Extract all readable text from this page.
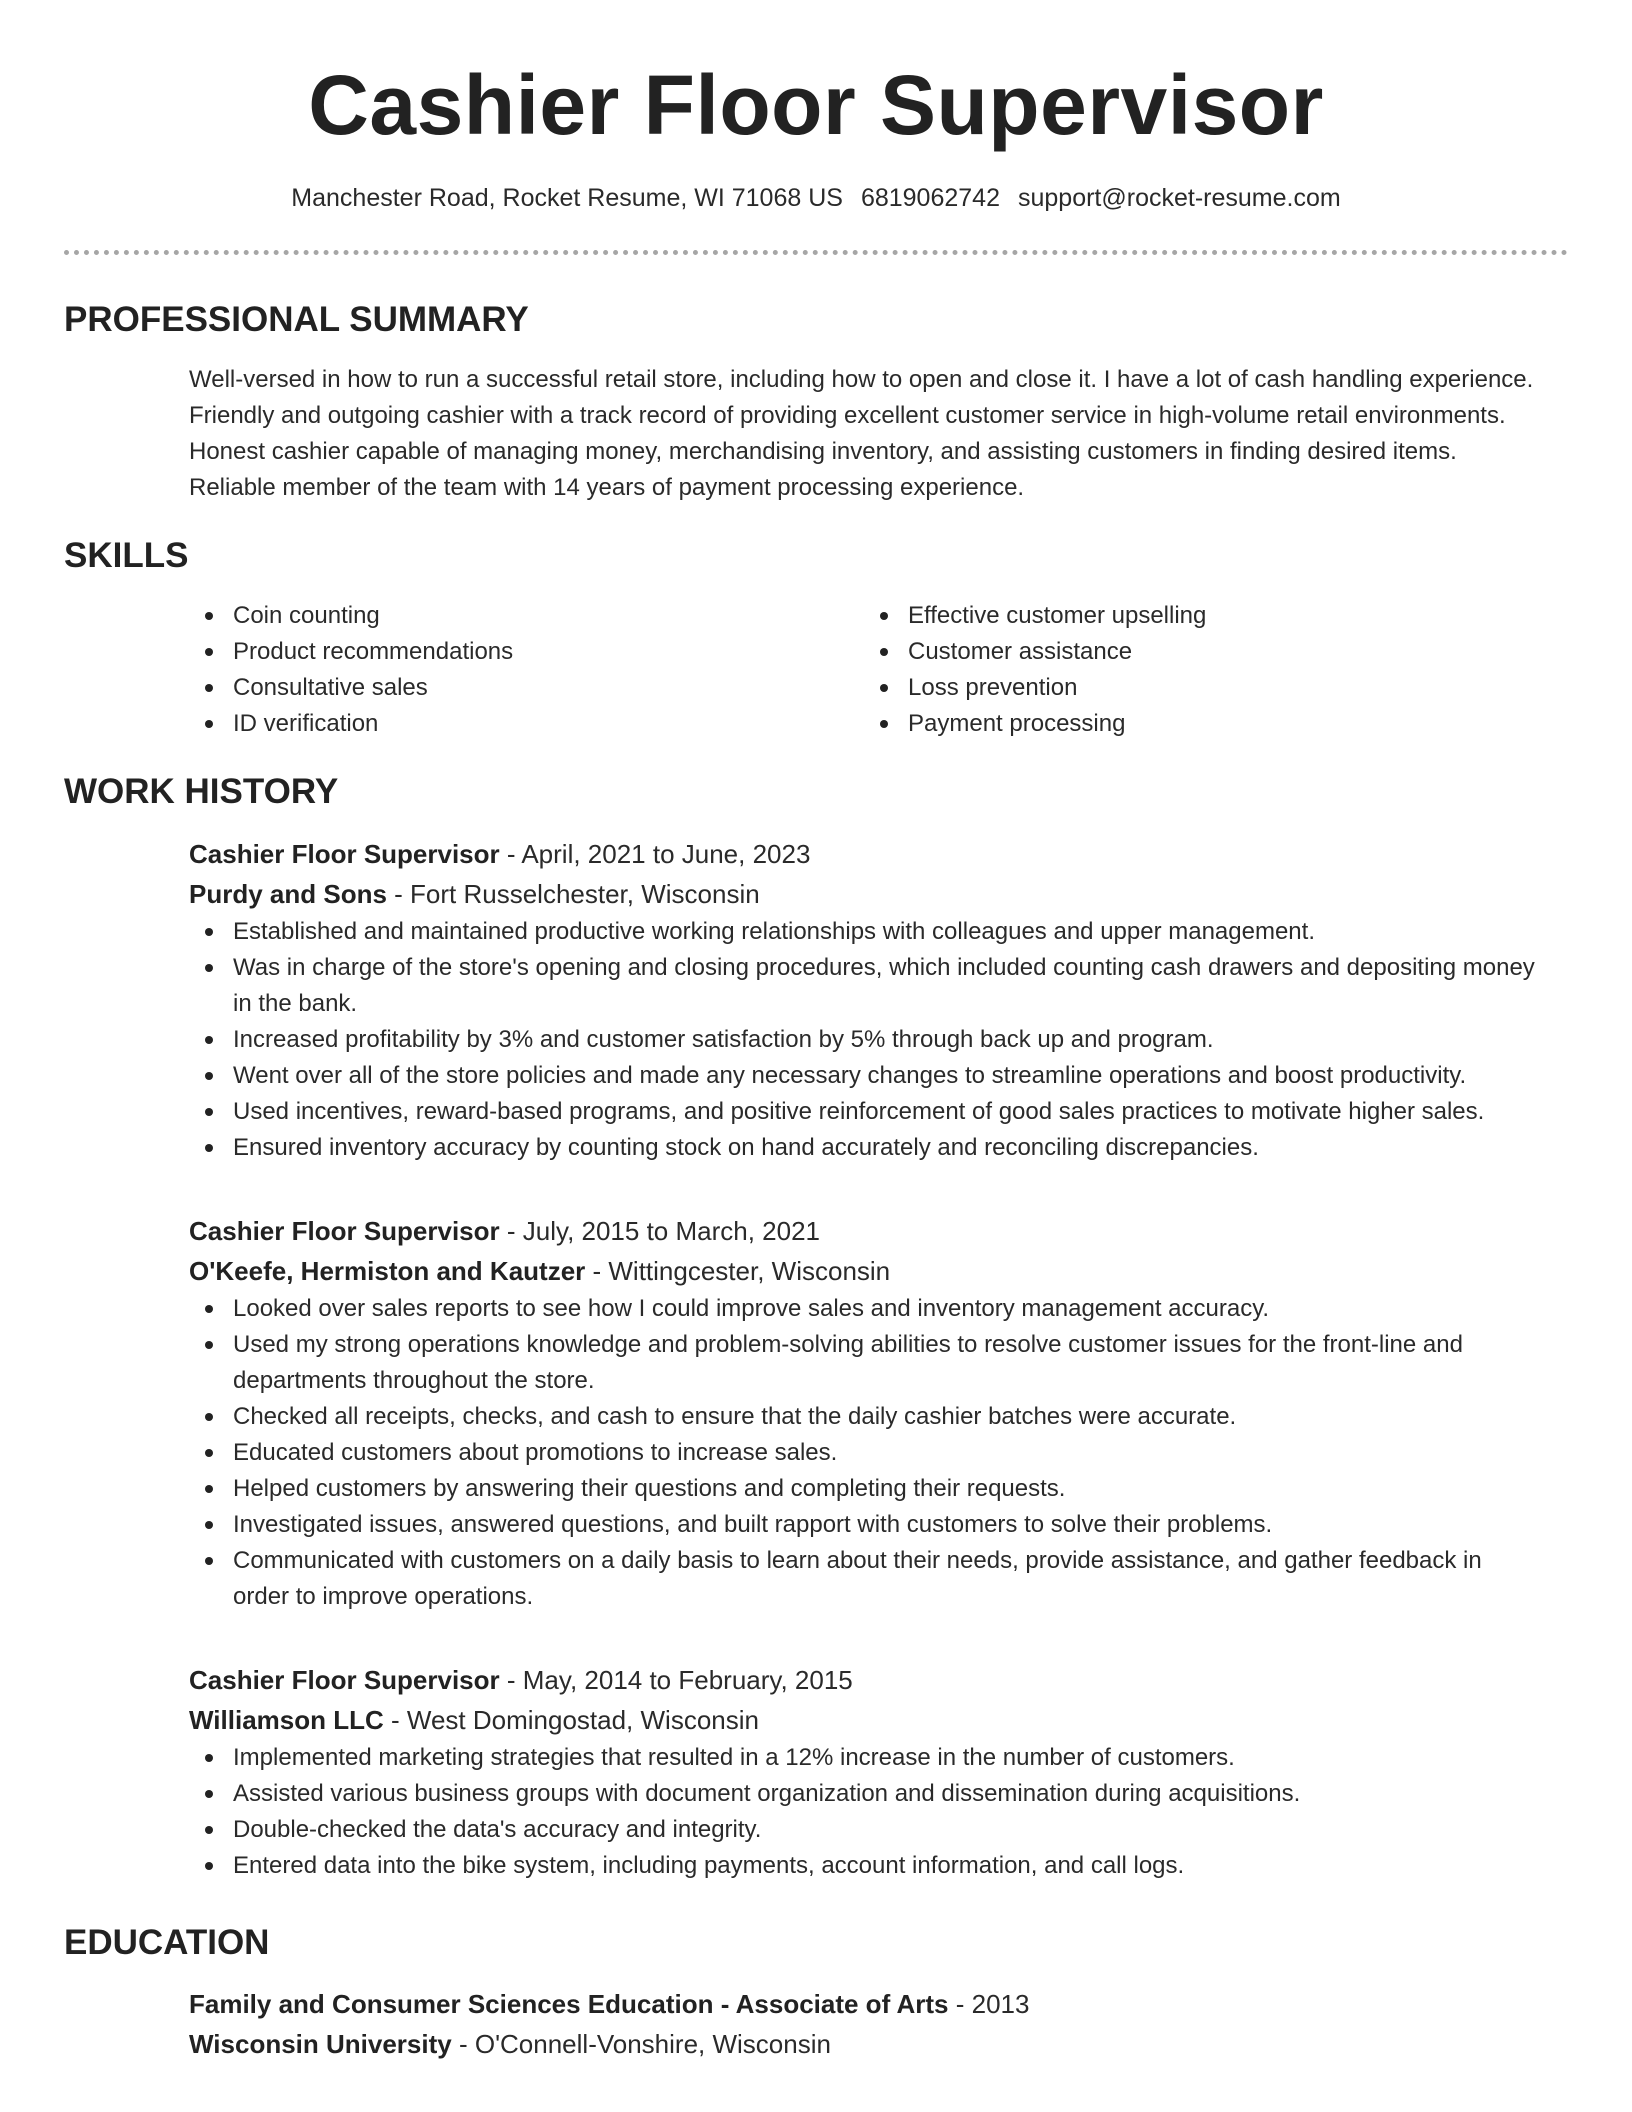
Cashier Floor Supervisor
Manchester Road, Rocket Resume, WI 71068 US 6819062742 support@rocket-resume.com
PROFESSIONAL SUMMARY
Well-versed in how to run a successful retail store, including how to open and close it. I have a lot of cash handling experience. Friendly and outgoing cashier with a track record of providing excellent customer service in high-volume retail environments. Honest cashier capable of managing money, merchandising inventory, and assisting customers in finding desired items. Reliable member of the team with 14 years of payment processing experience.
SKILLS
Coin counting
Product recommendations
Consultative sales
ID verification
Effective customer upselling
Customer assistance
Loss prevention
Payment processing
WORK HISTORY
Cashier Floor Supervisor - April, 2021 to June, 2023
Purdy and Sons - Fort Russelchester, Wisconsin
Established and maintained productive working relationships with colleagues and upper management.
Was in charge of the store's opening and closing procedures, which included counting cash drawers and depositing money in the bank.
Increased profitability by 3% and customer satisfaction by 5% through back up and program.
Went over all of the store policies and made any necessary changes to streamline operations and boost productivity.
Used incentives, reward-based programs, and positive reinforcement of good sales practices to motivate higher sales.
Ensured inventory accuracy by counting stock on hand accurately and reconciling discrepancies.
Cashier Floor Supervisor - July, 2015 to March, 2021
O'Keefe, Hermiston and Kautzer - Wittingcester, Wisconsin
Looked over sales reports to see how I could improve sales and inventory management accuracy.
Used my strong operations knowledge and problem-solving abilities to resolve customer issues for the front-line and departments throughout the store.
Checked all receipts, checks, and cash to ensure that the daily cashier batches were accurate.
Educated customers about promotions to increase sales.
Helped customers by answering their questions and completing their requests.
Investigated issues, answered questions, and built rapport with customers to solve their problems.
Communicated with customers on a daily basis to learn about their needs, provide assistance, and gather feedback in order to improve operations.
Cashier Floor Supervisor - May, 2014 to February, 2015
Williamson LLC - West Domingostad, Wisconsin
Implemented marketing strategies that resulted in a 12% increase in the number of customers.
Assisted various business groups with document organization and dissemination during acquisitions.
Double-checked the data's accuracy and integrity.
Entered data into the bike system, including payments, account information, and call logs.
EDUCATION
Family and Consumer Sciences Education - Associate of Arts - 2013
Wisconsin University - O'Connell-Vonshire, Wisconsin
